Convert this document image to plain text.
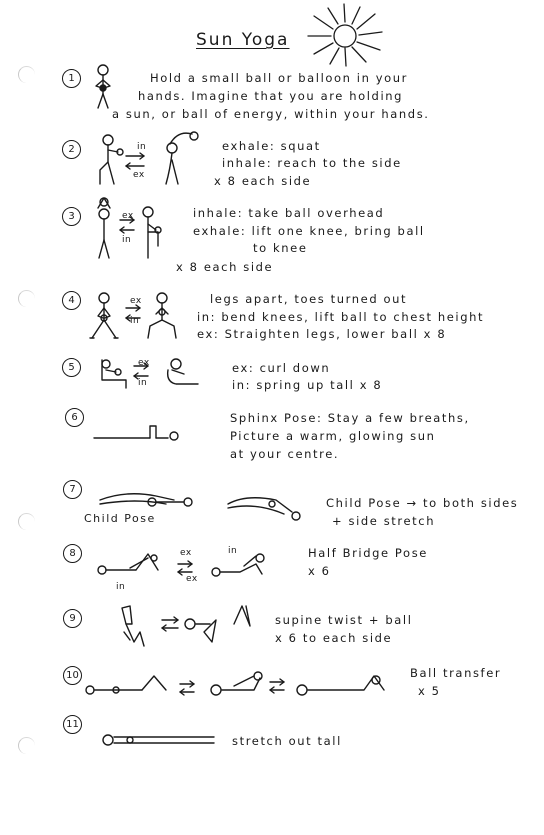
Sun Yoga
1	Hold a small ball or balloon in your
hands. Imagine that you are holding
a sun, or ball of energy, within your hands.
2	in
ex
exhale: squat
inhale: reach to the side
x 8 each side
3	ex
in
inhale: take ball overhead
exhale: lift one knee, bring ball
to knee
x 8 each side
4	ex
in
legs apart, toes turned out
in: bend knees, lift ball to chest height
ex: Straighten legs, lower ball x 8
5	ex
in
ex: curl down
in: spring up tall x 8
6	Sphinx Pose: Stay a few breaths,
Picture a warm, glowing sun
at your centre.
7
Child Pose
Child Pose → to both sides
+ side stretch
8	ex
ex
in
in
Half Bridge Pose
x 6
9	supine twist + ball
x 6 to each side
10	Ball transfer
x 5
11
stretch out tall
